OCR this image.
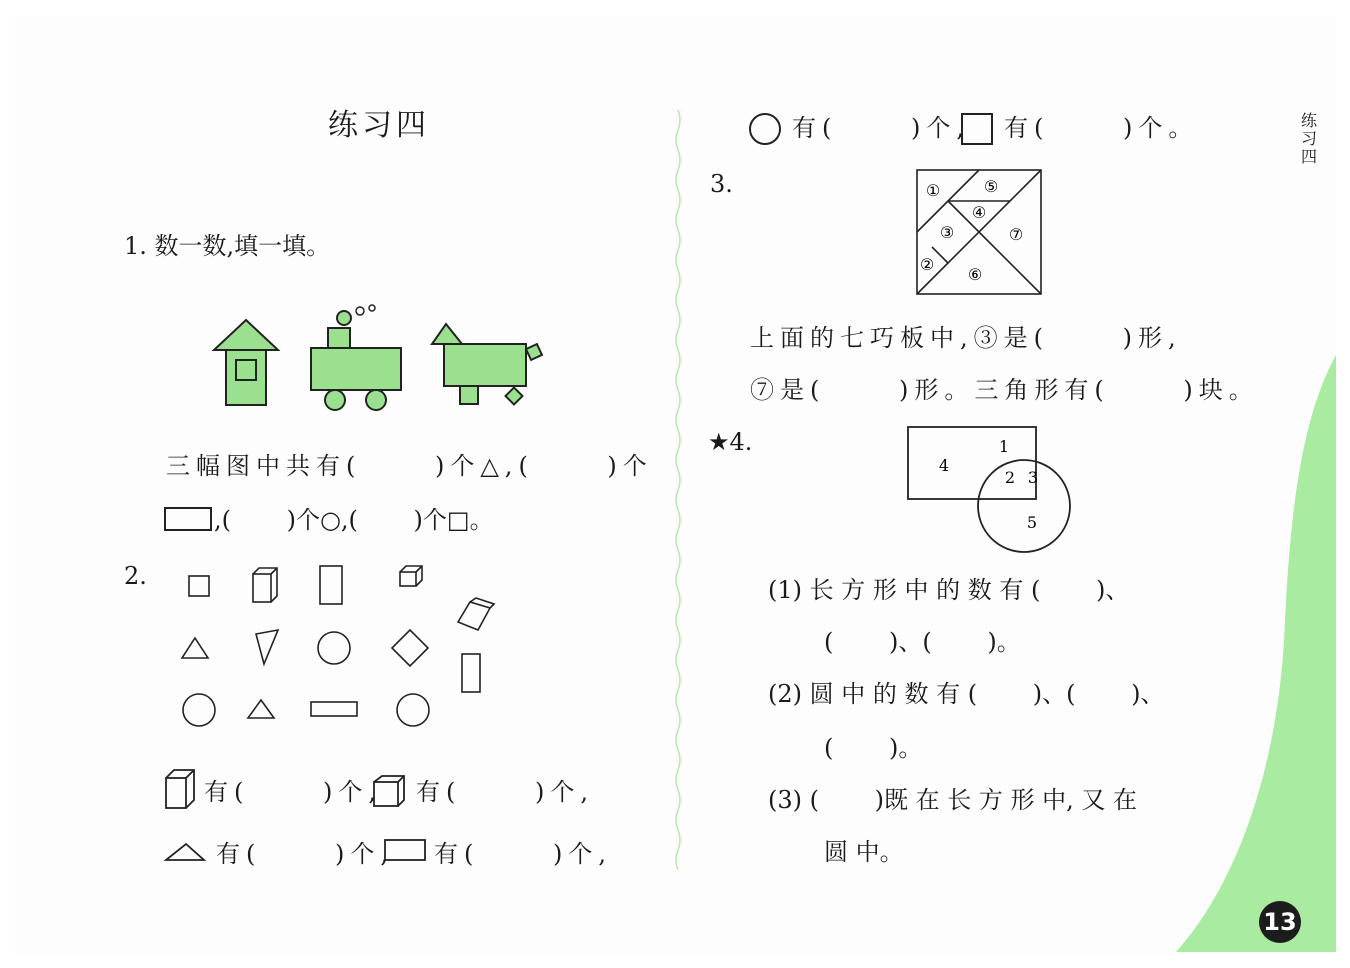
练习四
练习四
1. 数一数,填一填。
三幅图中共有(　　 )个△,(　　 )个
,(　　 )个○,(　　 )个□。
2.
有(　　 )个, 有(　　 )个,
有(　　 )个, 有(　　 )个,
有(　　 )个, 有(　　 )个。
3.	①	⑤
④
③	⑦
②
⑥
上面的七巧板中,③是(　　 )形,
⑦是(　　 )形。三角形有(　　 )块。
★4.	1
4
2 3
5
(1) 长 方 形 中 的 数 有 (　　 )、
(　　 )、(　　 )。
(2) 圆 中 的 数 有 (　　 )、(　　 )、
(　　 )。
(3) (　　 )既 在 长 方 形 中, 又 在
圆 中。
13
